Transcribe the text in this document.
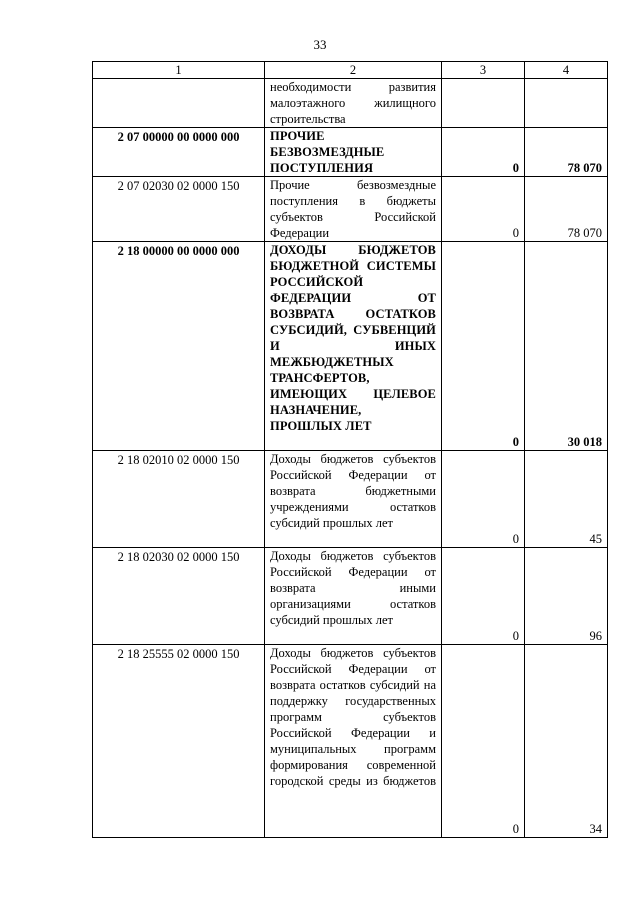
33
1	2	3	4
	необходимости развития малоэтажного жилищного строительства		
2 07 00000 00 0000 000	ПРОЧИЕ БЕЗВОЗМЕЗДНЫЕ ПОСТУПЛЕНИЯ	0	78 070
2 07 02030 02 0000 150	Прочие безвозмездные поступления в бюджеты субъектов Российской Федерации	0	78 070
2 18 00000 00 0000 000	ДОХОДЫ БЮДЖЕТОВ БЮДЖЕТНОЙ СИСТЕМЫ РОССИЙСКОЙ ФЕДЕРАЦИИ ОТ ВОЗВРАТА ОСТАТКОВ СУБСИДИЙ, СУБВЕНЦИЙ И ИНЫХ МЕЖБЮДЖЕТНЫХ ТРАНСФЕРТОВ, ИМЕЮЩИХ ЦЕЛЕВОЕ НАЗНАЧЕНИЕ, ПРОШЛЫХ ЛЕТ	0	30 018
2 18 02010 02 0000 150	Доходы бюджетов субъектов Российской Федерации от возврата бюджетными учреждениями остатков субсидий прошлых лет	0	45
2 18 02030 02 0000 150	Доходы бюджетов субъектов Российской Федерации от возврата иными организациями остатков субсидий прошлых лет	0	96
2 18 25555 02 0000 150	Доходы бюджетов субъектов Российской Федерации от возврата остатков субсидий на поддержку государственных программ субъектов Российской Федерации и муниципальных программ формирования современной городской среды из бюджетов	0	34
